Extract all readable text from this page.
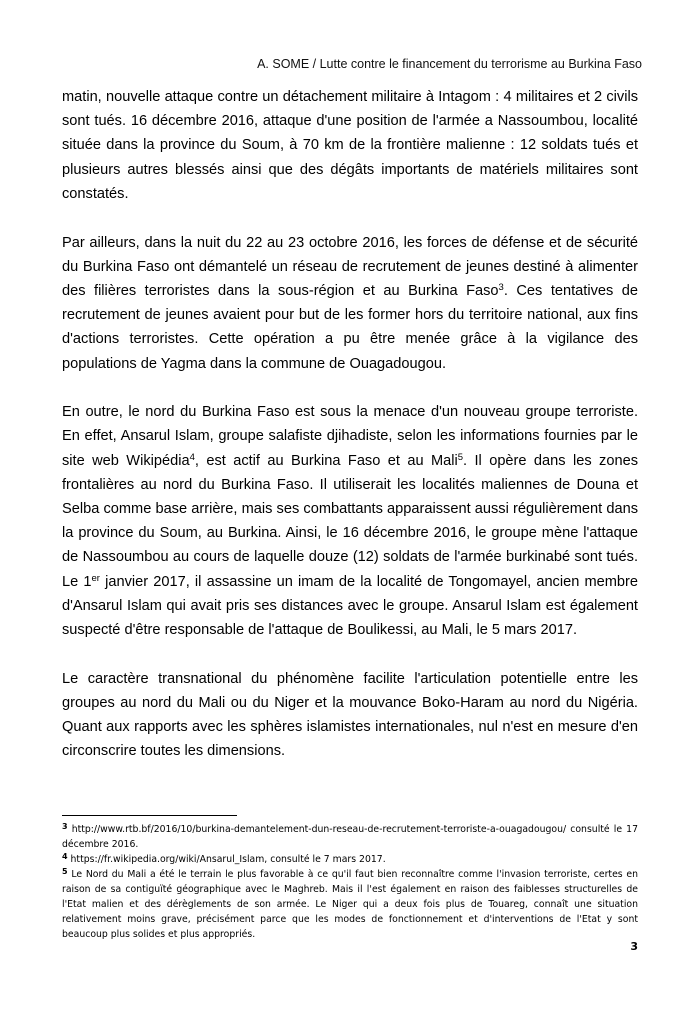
A. SOME / Lutte contre le financement du terrorisme au Burkina Faso

matin, nouvelle attaque contre un détachement militaire à Intagom : 4 militaires et 2 civils sont tués. 16 décembre 2016, attaque d'une position de l'armée a Nassoumbou, localité située dans la province du Soum, à 70 km de la frontière malienne : 12 soldats tués et plusieurs autres blessés ainsi que des dégâts importants de matériels militaires sont constatés.

Par ailleurs, dans la nuit du 22 au 23 octobre 2016, les forces de défense et de sécurité du Burkina Faso ont démantelé un réseau de recrutement de jeunes destiné à alimenter des filières terroristes dans la sous-région et au Burkina Faso$^3$. Ces tentatives de recrutement de jeunes avaient pour but de les former hors du territoire national, aux fins d'actions terroristes. Cette opération a pu être menée grâce à la vigilance des populations de Yagma dans la commune de Ouagadougou.

En outre, le nord du Burkina Faso est sous la menace d'un nouveau groupe terroriste. En effet, Ansarul Islam, groupe salafiste djihadiste, selon les informations fournies par le site web Wikipédia$^4$, est actif au Burkina Faso et au Mali$^5$. Il opère dans les zones frontalières au nord du Burkina Faso. Il utiliserait les localités maliennes de Douna et Selba comme base arrière, mais ses combattants apparaissent aussi régulièrement dans la province du Soum, au Burkina. Ainsi, le 16 décembre 2016, le groupe mène l'attaque de Nassoumbou au cours de laquelle douze (12) soldats de l'armée burkinabé sont tués. Le 1er janvier 2017, il assassine un imam de la localité de Tongomayel, ancien membre d'Ansarul Islam qui avait pris ses distances avec le groupe. Ansarul Islam est également suspecté d'être responsable de l'attaque de Boulikessi, au Mali, le 5 mars 2017.

Le caractère transnational du phénomène facilite l'articulation potentielle entre les groupes au nord du Mali ou du Niger et la mouvance Boko-Haram au nord du Nigéria. Quant aux rapports avec les sphères islamistes internationales, nul n'est en mesure d'en circonscrire toutes les dimensions.

3 http://www.rtb.bf/2016/10/burkina-demantelement-dun-reseau-de-recrutement-terroriste-a-ouagadougou/ consulté le 17 décembre 2016.

4 https://fr.wikipedia.org/wiki/Ansarul_Islam, consulté le 7 mars 2017.

5 Le Nord du Mali a été le terrain le plus favorable à ce qu'il faut bien reconnaître comme l'invasion terroriste, certes en raison de sa contiguïté géographique avec le Maghreb. Mais il l'est également en raison des faiblesses structurelles de l'Etat malien et des dérèglements de son armée. Le Niger qui a deux fois plus de Touareg, connaît une situation relativement moins grave, précisément parce que les modes de fonctionnement et d'interventions de l'Etat y sont beaucoup plus solides et plus appropriés.

3
